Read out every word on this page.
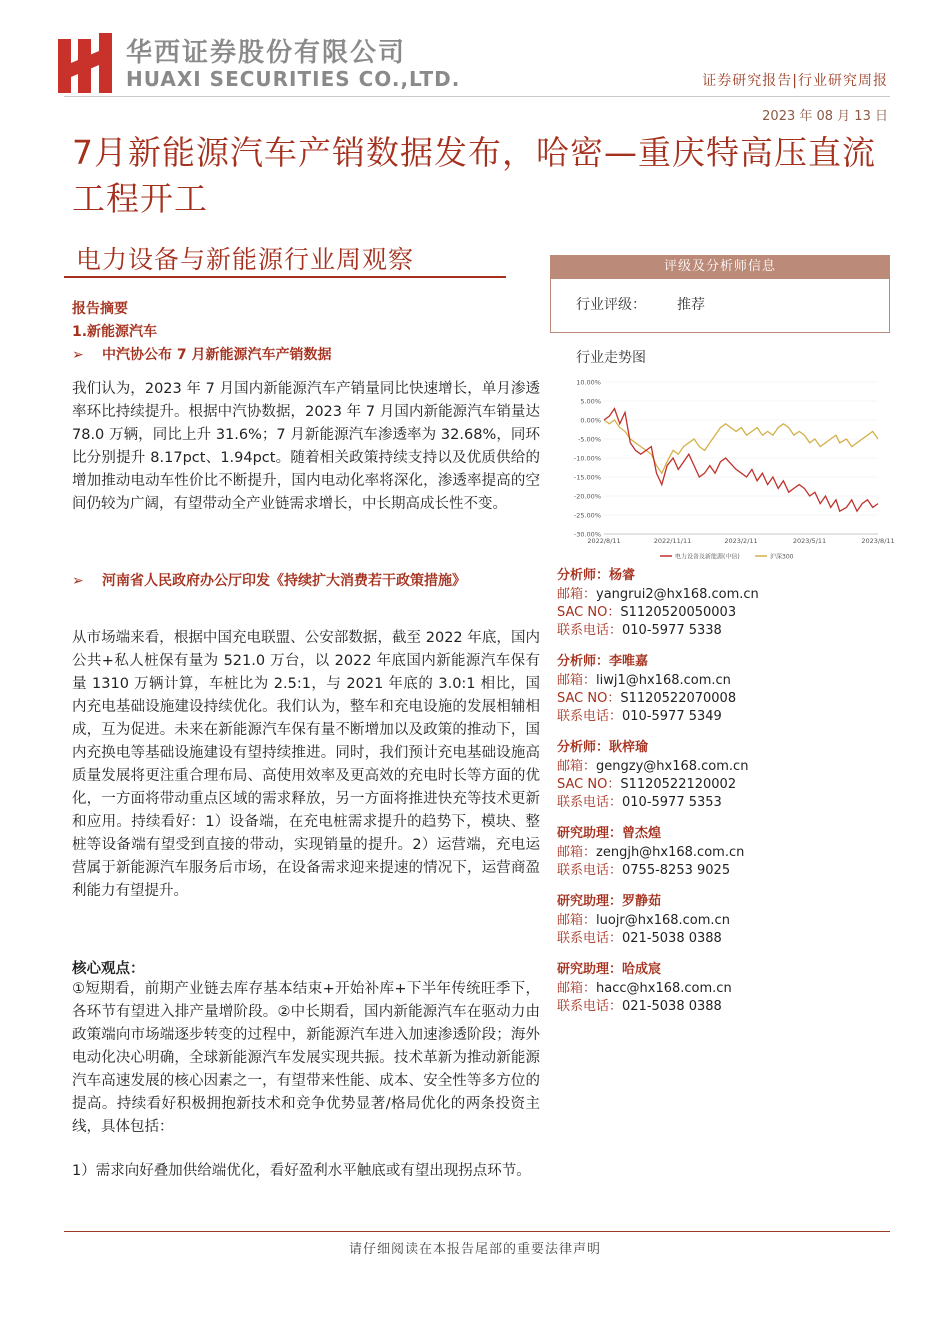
华西证券股份有限公司
HUAXI SECURITIES CO.,LTD.	证券研究报告|行业研究周报
2023 年 08 月 13 日
7月新能源汽车产销数据发布，哈密—重庆特高压直流工程开工
电力设备与新能源行业周观察
报告摘要
1.新能源汽车
➢ 中汽协公布 7 月新能源汽车产销数据
我们认为，2023 年 7 月国内新能源汽车产销量同比快速增长，单月渗透率环比持续提升。根据中汽协数据，2023 年 7 月国内新能源汽车销量达 78.0 万辆，同比上升 31.6%；7 月新能源汽车渗透率为 32.68%，同环比分别提升 8.17pct、1.94pct。随着相关政策持续支持以及优质供给的增加推动电动车性价比不断提升，国内电动化率将深化，渗透率提高的空间仍较为广阔，有望带动全产业链需求增长，中长期高成长性不变。
➢ 河南省人民政府办公厅印发《持续扩大消费若干政策措施》
从市场端来看，根据中国充电联盟、公安部数据，截至 2022 年底，国内公共+私人桩保有量为 521.0 万台，以 2022 年底国内新能源汽车保有量 1310 万辆计算，车桩比为 2.5:1，与 2021 年底的 3.0:1 相比，国内充电基础设施建设持续优化。我们认为，整车和充电设施的发展相辅相成，互为促进。未来在新能源汽车保有量不断增加以及政策的推动下，国内充换电等基础设施建设有望持续推进。同时，我们预计充电基础设施高质量发展将更注重合理布局、高使用效率及更高效的充电时长等方面的优化，一方面将带动重点区域的需求释放，另一方面将推进快充等技术更新和应用。持续看好：1）设备端，在充电桩需求提升的趋势下，模块、整桩等设备端有望受到直接的带动，实现销量的提升。2）运营端，充电运营属于新能源汽车服务后市场，在设备需求迎来提速的情况下，运营商盈利能力有望提升。
核心观点：
①短期看，前期产业链去库存基本结束+开始补库+下半年传统旺季下，各环节有望进入排产量增阶段。②中长期看，国内新能源汽车在驱动力由政策端向市场端逐步转变的过程中，新能源汽车进入加速渗透阶段；海外电动化决心明确，全球新能源汽车发展实现共振。技术革新为推动新能源汽车高速发展的核心因素之一，有望带来性能、成本、安全性等多方位的提高。持续看好积极拥抱新技术和竞争优势显著/格局优化的两条投资主线，具体包括：
1）需求向好叠加供给端优化，看好盈利水平触底或有望出现拐点环节。
评级及分析师信息
行业评级： 推荐
行业走势图
10.00%
5.00%
0.00%
-5.00%
-10.00%
-15.00%
-20.00%
-25.00%
-30.00%
2022/8/11	2022/11/11	2023/2/11	2023/5/11	2023/8/11
电力设备及新能源(中信)	沪深300
分析师：杨睿
邮箱：yangrui2@hx168.com.cn
SAC NO：S1120520050003
联系电话：010-5977 5338
分析师：李唯嘉
邮箱：liwj1@hx168.com.cn
SAC NO：S1120522070008
联系电话：010-5977 5349
分析师：耿梓瑜
邮箱：gengzy@hx168.com.cn
SAC NO：S1120522120002
联系电话：010-5977 5353
研究助理：曾杰煌
邮箱：zengjh@hx168.com.cn
联系电话：0755-8253 9025
研究助理：罗静茹
邮箱：luojr@hx168.com.cn
联系电话：021-5038 0388
研究助理：哈成宸
邮箱：hacc@hx168.com.cn
联系电话：021-5038 0388
请仔细阅读在本报告尾部的重要法律声明
